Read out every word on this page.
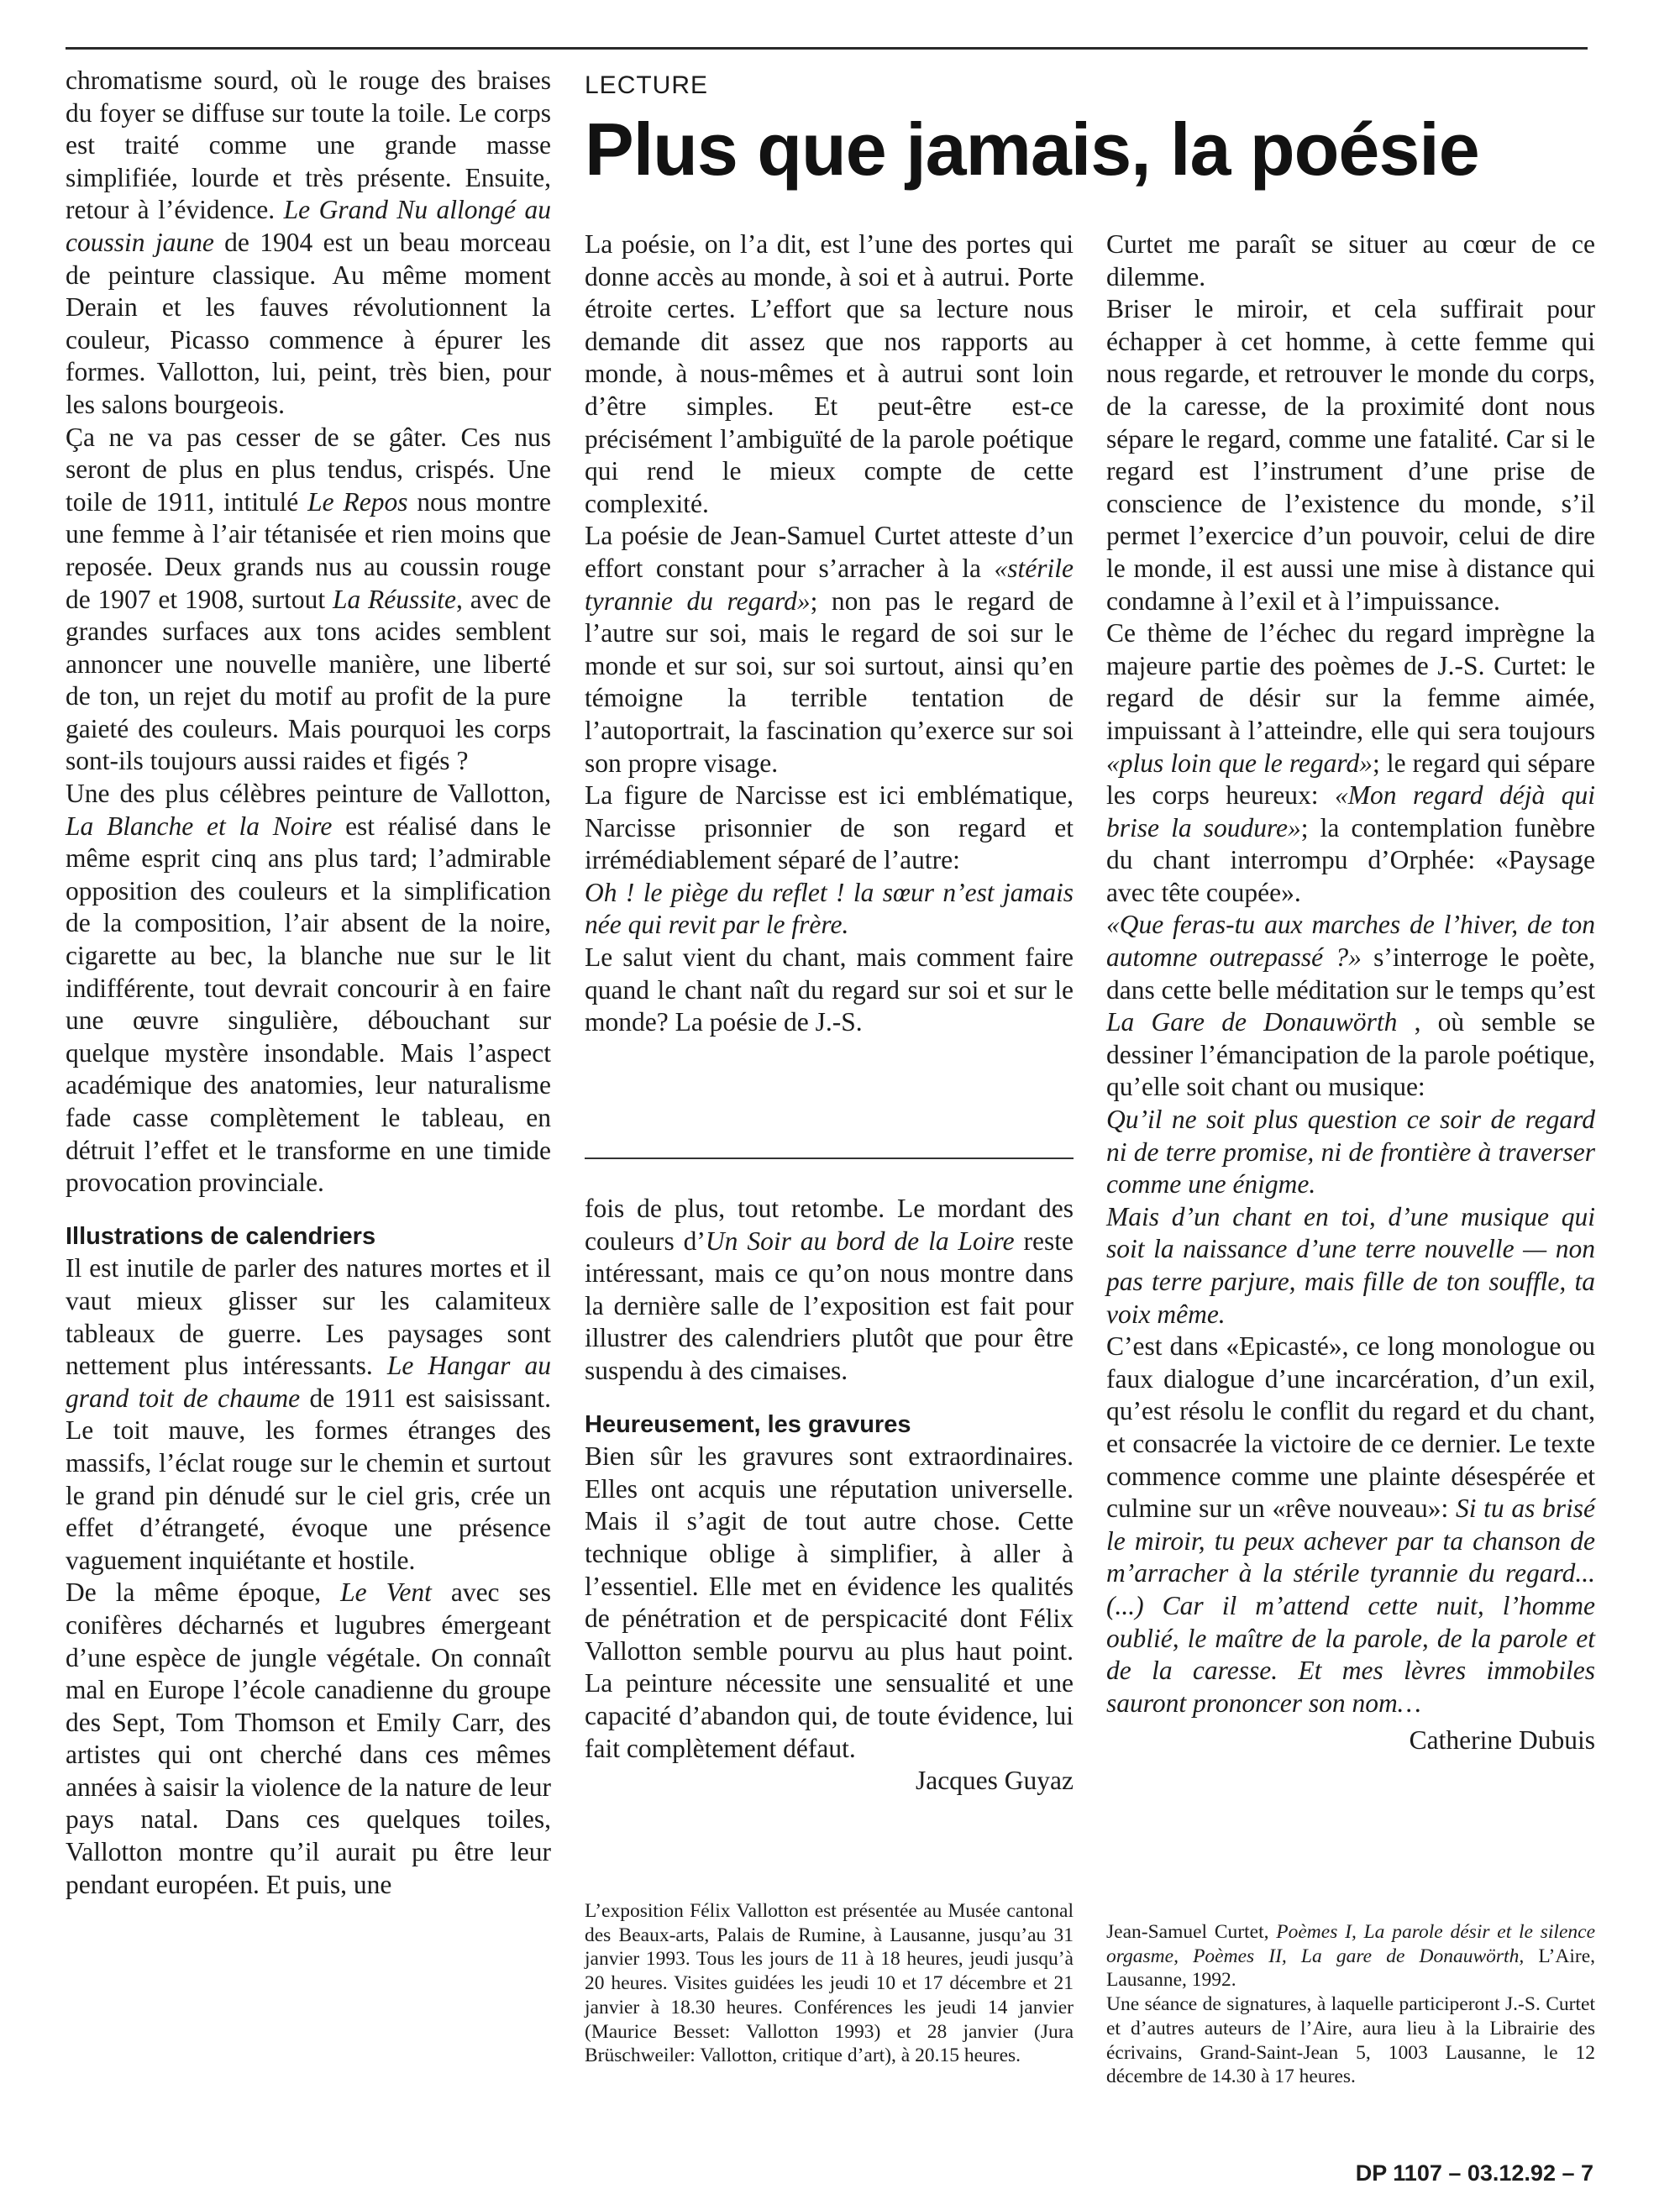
chromatisme sourd, où le rouge des braises du foyer se diffuse sur toute la toile. Le corps est traité comme une grande masse simplifiée, lourde et très présente. Ensuite, retour à l’évidence. Le Grand Nu allongé au coussin jaune de 1904 est un beau morceau de peinture classique. Au même moment Derain et les fauves révolutionnent la couleur, Picasso commence à épurer les formes. Vallotton, lui, peint, très bien, pour les salons bourgeois.

Ça ne va pas cesser de se gâter. Ces nus seront de plus en plus tendus, crispés. Une toile de 1911, intitulé Le Repos nous montre une femme à l’air tétanisée et rien moins que reposée. Deux grands nus au coussin rouge de 1907 et 1908, surtout La Réussite, avec de grandes surfaces aux tons acides semblent annoncer une nouvelle manière, une liberté de ton, un rejet du motif au profit de la pure gaieté des couleurs. Mais pourquoi les corps sont-ils toujours aussi raides et figés ?

Une des plus célèbres peinture de Vallotton, La Blanche et la Noire est réalisé dans le même esprit cinq ans plus tard; l’admirable opposition des couleurs et la simplification de la composition, l’air absent de la noire, cigarette au bec, la blanche nue sur le lit indifférente, tout devrait concourir à en faire une œuvre singulière, débouchant sur quelque mystère insondable. Mais l’aspect académique des anatomies, leur naturalisme fade casse complètement le tableau, en détruit l’effet et le transforme en une timide provocation provinciale.

Illustrations de calendriers

Il est inutile de parler des natures mortes et il vaut mieux glisser sur les calamiteux tableaux de guerre. Les paysages sont nettement plus intéressants. Le Hangar au grand toit de chaume de 1911 est saisissant. Le toit mauve, les formes étranges des massifs, l’éclat rouge sur le chemin et surtout le grand pin dénudé sur le ciel gris, crée un effet d’étrangeté, évoque une présence vaguement inquiétante et hostile.

De la même époque, Le Vent avec ses conifères décharnés et lugubres émergeant d’une espèce de jungle végétale. On connaît mal en Europe l’école canadienne du groupe des Sept, Tom Thomson et Emily Carr, des artistes qui ont cherché dans ces mêmes années à saisir la violence de la nature de leur pays natal. Dans ces quelques toiles, Vallotton montre qu’il aurait pu être leur pendant européen. Et puis, une

LECTURE
Plus que jamais, la poésie

La poésie, on l’a dit, est l’une des portes qui donne accès au monde, à soi et à autrui. Porte étroite certes. L’effort que sa lecture nous demande dit assez que nos rapports au monde, à nous-mêmes et à autrui sont loin d’être simples. Et peut-être est-ce précisément l’ambiguïté de la parole poétique qui rend le mieux compte de cette complexité.

La poésie de Jean-Samuel Curtet atteste d’un effort constant pour s’arracher à la «stérile tyrannie du regard»; non pas le regard de l’autre sur soi, mais le regard de soi sur le monde et sur soi, sur soi surtout, ainsi qu’en témoigne la terrible tentation de l’autoportrait, la fascination qu’exerce sur soi son propre visage.

La figure de Narcisse est ici emblématique, Narcisse prisonnier de son regard et irrémédiablement séparé de l’autre:

Oh ! le piège du reflet ! la sœur n’est jamais née qui revit par le frère.

Le salut vient du chant, mais comment faire quand le chant naît du regard sur soi et sur le monde? La poésie de J.-S.

fois de plus, tout retombe. Le mordant des couleurs d’Un Soir au bord de la Loire reste intéressant, mais ce qu’on nous montre dans la dernière salle de l’exposition est fait pour illustrer des calendriers plutôt que pour être suspendu à des cimaises.

Heureusement, les gravures

Bien sûr les gravures sont extraordinaires. Elles ont acquis une réputation universelle. Mais il s’agit de tout autre chose. Cette technique oblige à simplifier, à aller à l’essentiel. Elle met en évidence les qualités de pénétration et de perspicacité dont Félix Vallotton semble pourvu au plus haut point. La peinture nécessite une sensualité et une capacité d’abandon qui, de toute évidence, lui fait complètement défaut.

Jacques Guyaz

L’exposition Félix Vallotton est présentée au Musée cantonal des Beaux-arts, Palais de Rumine, à Lausanne, jusqu’au 31 janvier 1993. Tous les jours de 11 à 18 heures, jeudi jusqu’à 20 heures. Visites guidées les jeudi 10 et 17 décembre et 21 janvier à 18.30 heures. Conférences les jeudi 14 janvier (Maurice Besset: Vallotton 1993) et 28 janvier (Jura Brüschweiler: Vallotton, critique d’art), à 20.15 heures.

Curtet me paraît se situer au cœur de ce dilemme.

Briser le miroir, et cela suffirait pour échapper à cet homme, à cette femme qui nous regarde, et retrouver le monde du corps, de la caresse, de la proximité dont nous sépare le regard, comme une fatalité. Car si le regard est l’instrument d’une prise de conscience de l’existence du monde, s’il permet l’exercice d’un pouvoir, celui de dire le monde, il est aussi une mise à distance qui condamne à l’exil et à l’impuissance.

Ce thème de l’échec du regard imprègne la majeure partie des poèmes de J.-S. Curtet: le regard de désir sur la femme aimée, impuissant à l’atteindre, elle qui sera toujours «plus loin que le regard»; le regard qui sépare les corps heureux: «Mon regard déjà qui brise la soudure»; la contemplation funèbre du chant interrompu d’Orphée: «Paysage avec tête coupée».

«Que feras-tu aux marches de l’hiver, de ton automne outrepassé ?» s’interroge le poète, dans cette belle méditation sur le temps qu’est La Gare de Donauwörth , où semble se dessiner l’émancipation de la parole poétique, qu’elle soit chant ou musique:

Qu’il ne soit plus question ce soir de regard ni de terre promise, ni de frontière à traverser comme une énigme.

Mais d’un chant en toi, d’une musique qui soit la naissance d’une terre nouvelle — non pas terre parjure, mais fille de ton souffle, ta voix même.

C’est dans «Epicasté», ce long monologue ou faux dialogue d’une incarcération, d’un exil, qu’est résolu le conflit du regard et du chant, et consacrée la victoire de ce dernier. Le texte commence comme une plainte désespérée et culmine sur un «rêve nouveau»: Si tu as brisé le miroir, tu peux achever par ta chanson de m’arracher à la stérile tyrannie du regard... (...) Car il m’attend cette nuit, l’homme oublié, le maître de la parole, de la parole et de la caresse. Et mes lèvres immobiles sauront prononcer son nom…

Catherine Dubuis

Jean-Samuel Curtet, Poèmes I, La parole désir et le silence orgasme, Poèmes II, La gare de Donauwörth, L’Aire, Lausanne, 1992.

Une séance de signatures, à laquelle participeront J.-S. Curtet et d’autres auteurs de l’Aire, aura lieu à la Librairie des écrivains, Grand-Saint-Jean 5, 1003 Lausanne, le 12 décembre de 14.30 à 17 heures.

DP 1107 – 03.12.92 – 7
